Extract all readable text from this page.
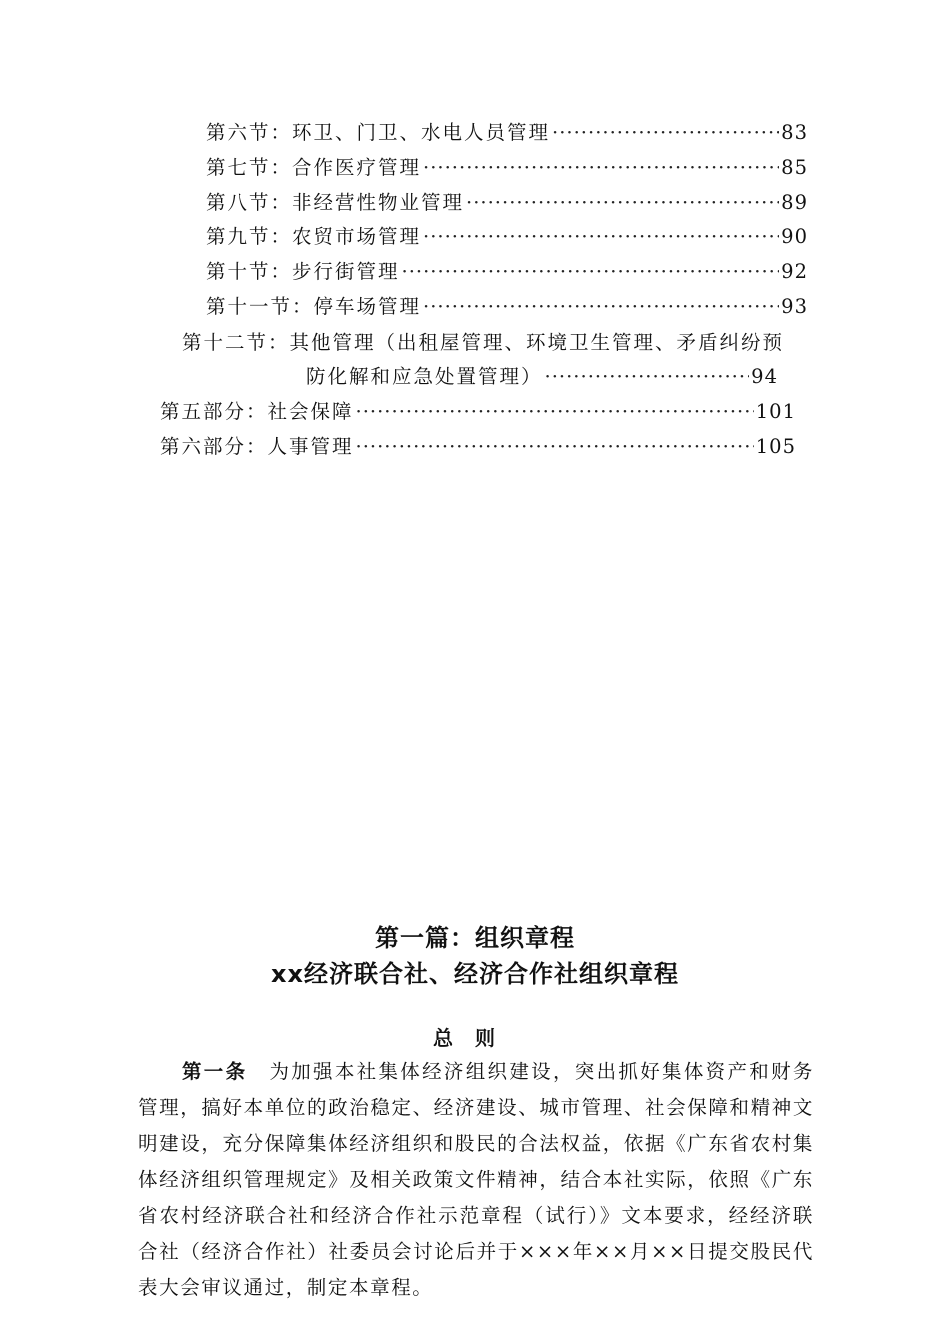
第六节：环卫、门卫、水电人员管理 ·····	83
第七节：合作医疗管理 ·····	85
第八节：非经营性物业管理 ·····	89
第九节：农贸市场管理 ·····	90
第十节：步行街管理 ·····	92
第十一节：停车场管理 ·····	93
第十二节：其他管理（出租屋管理、环境卫生管理、矛盾纠纷预
防化解和应急处置管理） ·····	94
第五部分：社会保障 ·····	101
第六部分：人事管理 ·····	105
第一篇：组织章程
xx经济联合社、经济合作社组织章程
总则
第一条 为加强本社集体经济组织建设，突出抓好集体资产和财务管理，搞好本单位的政治稳定、经济建设、城市管理、社会保障和精神文明建设，充分保障集体经济组织和股民的合法权益，依据《广东省农村集体经济组织管理规定》及相关政策文件精神，结合本社实际，依照《广东省农村经济联合社和经济合作社示范章程（试行）》文本要求，经经济联合社（经济合作社）社委员会讨论后并于×××年××月××日提交股民代表大会审议通过，制定本章程。
